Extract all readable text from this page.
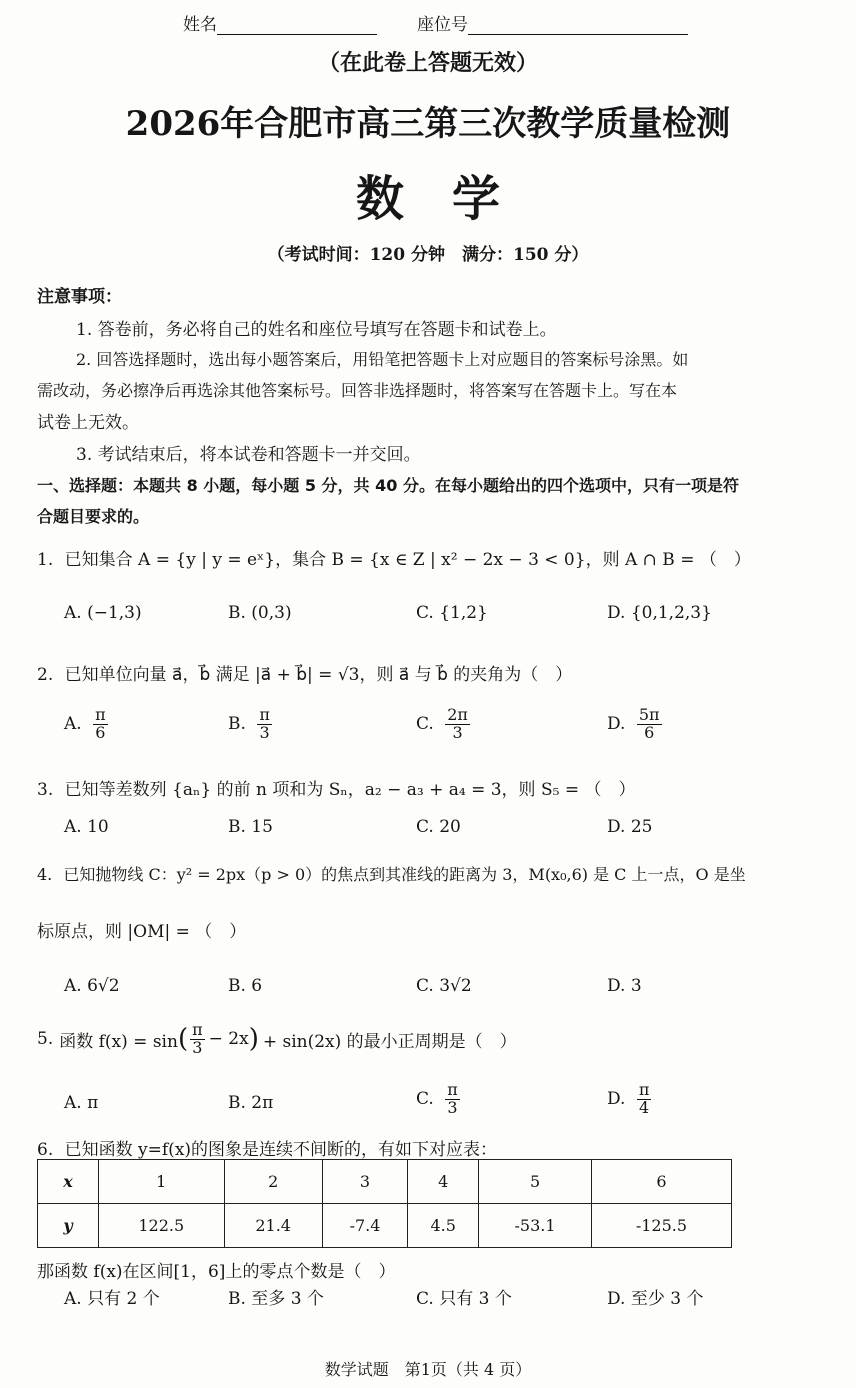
姓名	座位号
（在此卷上答题无效）
2026年合肥市高三第三次教学质量检测
数　学
（考试时间：120 分钟　满分：150 分）
注意事项：
1. 答卷前，务必将自己的姓名和座位号填写在答题卡和试卷上。
2. 回答选择题时，选出每小题答案后，用铅笔把答题卡上对应题目的答案标号涂黑。如
需改动，务必擦净后再选涂其他答案标号。回答非选择题时，将答案写在答题卡上。写在本
试卷上无效。
3. 考试结束后，将本试卷和答题卡一并交回。
一、选择题：本题共 8 小题，每小题 5 分，共 40 分。在每小题给出的四个选项中，只有一项是符
合题目要求的。
1. 已知集合 A = {y | y = eˣ}，集合 B = {x ∈ Z | x² − 2x − 3 < 0}，则 A ∩ B = （　）
A. (−1,3)	B. (0,3)	C. {1,2}	D. {0,1,2,3}
2. 已知单位向量 a⃗，b⃗ 满足 |a⃗ + b⃗| = √3，则 a⃗ 与 b⃗ 的夹角为（　）
A. $\frac{\pi}{6}$	B. $\frac{\pi}{3}$	C. $\frac{2\pi}{3}$	D. $\frac{5\pi}{6}$
3. 已知等差数列 {aₙ} 的前 n 项和为 Sₙ，a₂ − a₃ + a₄ = 3，则 S₅ = （　）
A. 10	B. 15	C. 20	D. 25
4. 已知抛物线 C：y² = 2px（p > 0）的焦点到其准线的距离为 3，M(x₀,6) 是 C 上一点，O 是坐
标原点，则 |OM| = （　）
A. 6√2	B. 6	C. 3√2	D. 3
5. 函数 f(x) = sin ( $\frac{\pi}{3} - 2x$ ) + sin(2x) 的最小正周期是（　）
A. π	B. 2π	C. $\frac{\pi}{3}$	D. $\frac{\pi}{4}$
6. 已知函数 y=f(x)的图象是连续不间断的，有如下对应表：
x	1	2	3	4	5	6
y	122.5	21.4	-7.4	4.5	-53.1	-125.5
那函数 f(x)在区间[1，6]上的零点个数是（　）
A. 只有 2 个	B. 至多 3 个	C. 只有 3 个	D. 至少 3 个
数学试题　第1页（共 4 页）
